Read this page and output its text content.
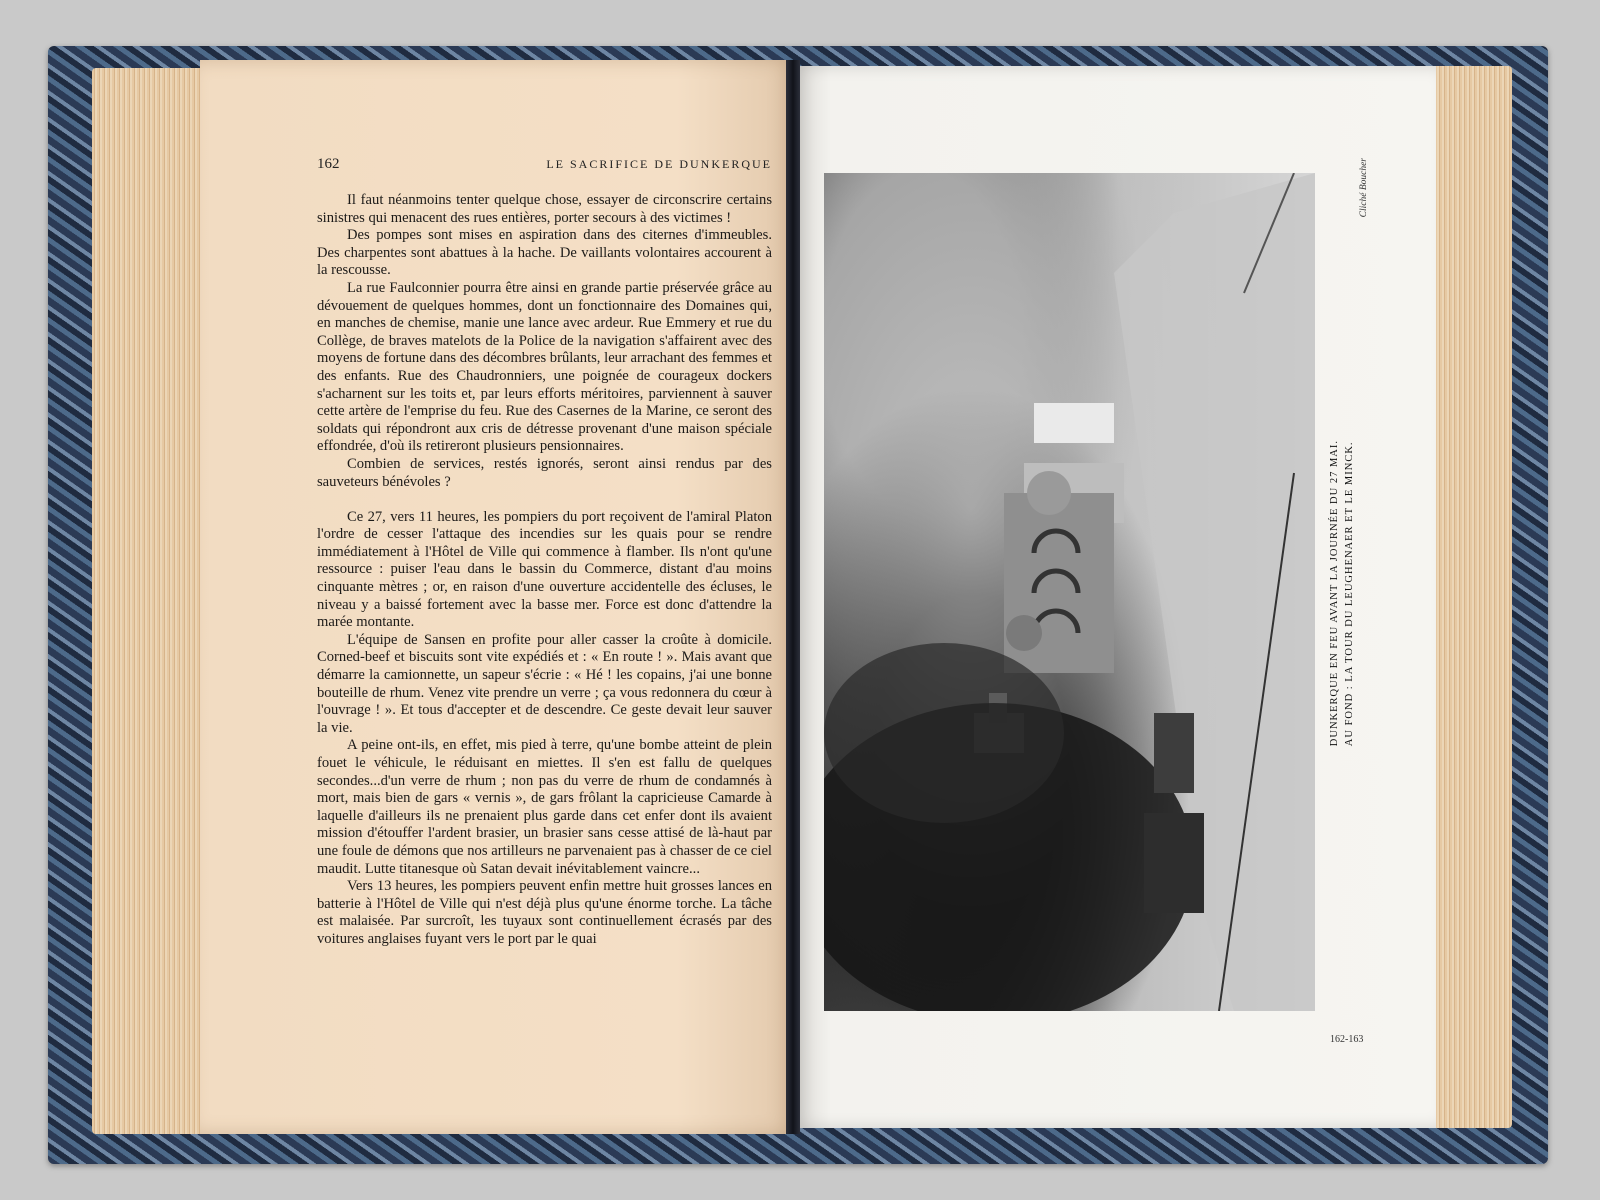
162	LE SACRIFICE DE DUNKERQUE

Il faut néanmoins tenter quelque chose, essayer de circonscrire certains sinistres qui menacent des rues entières, porter secours à des victimes !

Des pompes sont mises en aspiration dans des citernes d'immeubles. Des charpentes sont abattues à la hache. De vaillants volontaires accourent à la rescousse.

La rue Faulconnier pourra être ainsi en grande partie préservée grâce au dévouement de quelques hommes, dont un fonctionnaire des Domaines qui, en manches de chemise, manie une lance avec ardeur. Rue Emmery et rue du Collège, de braves matelots de la Police de la navigation s'affairent avec des moyens de fortune dans des décombres brûlants, leur arrachant des femmes et des enfants. Rue des Chaudronniers, une poignée de courageux dockers s'acharnent sur les toits et, par leurs efforts méritoires, parviennent à sauver cette artère de l'emprise du feu. Rue des Casernes de la Marine, ce seront des soldats qui répondront aux cris de détresse provenant d'une maison spéciale effondrée, d'où ils retireront plusieurs pensionnaires.

Combien de services, restés ignorés, seront ainsi rendus par des sauveteurs bénévoles ?

Ce 27, vers 11 heures, les pompiers du port reçoivent de l'amiral Platon l'ordre de cesser l'attaque des incendies sur les quais pour se rendre immédiatement à l'Hôtel de Ville qui commence à flamber. Ils n'ont qu'une ressource : puiser l'eau dans le bassin du Commerce, distant d'au moins cinquante mètres ; or, en raison d'une ouverture accidentelle des écluses, le niveau y a baissé fortement avec la basse mer. Force est donc d'attendre la marée montante.

L'équipe de Sansen en profite pour aller casser la croûte à domicile. Corned-beef et biscuits sont vite expédiés et : « En route ! ». Mais avant que démarre la camionnette, un sapeur s'écrie : « Hé ! les copains, j'ai une bonne bouteille de rhum. Venez vite prendre un verre ; ça vous redonnera du cœur à l'ouvrage ! ». Et tous d'accepter et de descendre. Ce geste devait leur sauver la vie.

A peine ont-ils, en effet, mis pied à terre, qu'une bombe atteint de plein fouet le véhicule, le réduisant en miettes. Il s'en est fallu de quelques secondes...d'un verre de rhum ; non pas du verre de rhum de condamnés à mort, mais bien de gars « vernis », de gars frôlant la capricieuse Camarde à laquelle d'ailleurs ils ne prenaient plus garde dans cet enfer dont ils avaient mission d'étouffer l'ardent brasier, un brasier sans cesse attisé de là-haut par une foule de démons que nos artilleurs ne parvenaient pas à chasser de ce ciel maudit. Lutte titanesque où Satan devait inévitablement vaincre...

Vers 13 heures, les pompiers peuvent enfin mettre huit grosses lances en batterie à l'Hôtel de Ville qui n'est déjà plus qu'une énorme torche. La tâche est malaisée. Par surcroît, les tuyaux sont continuellement écrasés par des voitures anglaises fuyant vers le port par le quai

DUNKERQUE EN FEU AVANT LA JOURNÉE DU 27 MAI. AU FOND : LA TOUR DU LEUGHENAER ET LE MINCK.
Cliché Boucher
162-163
